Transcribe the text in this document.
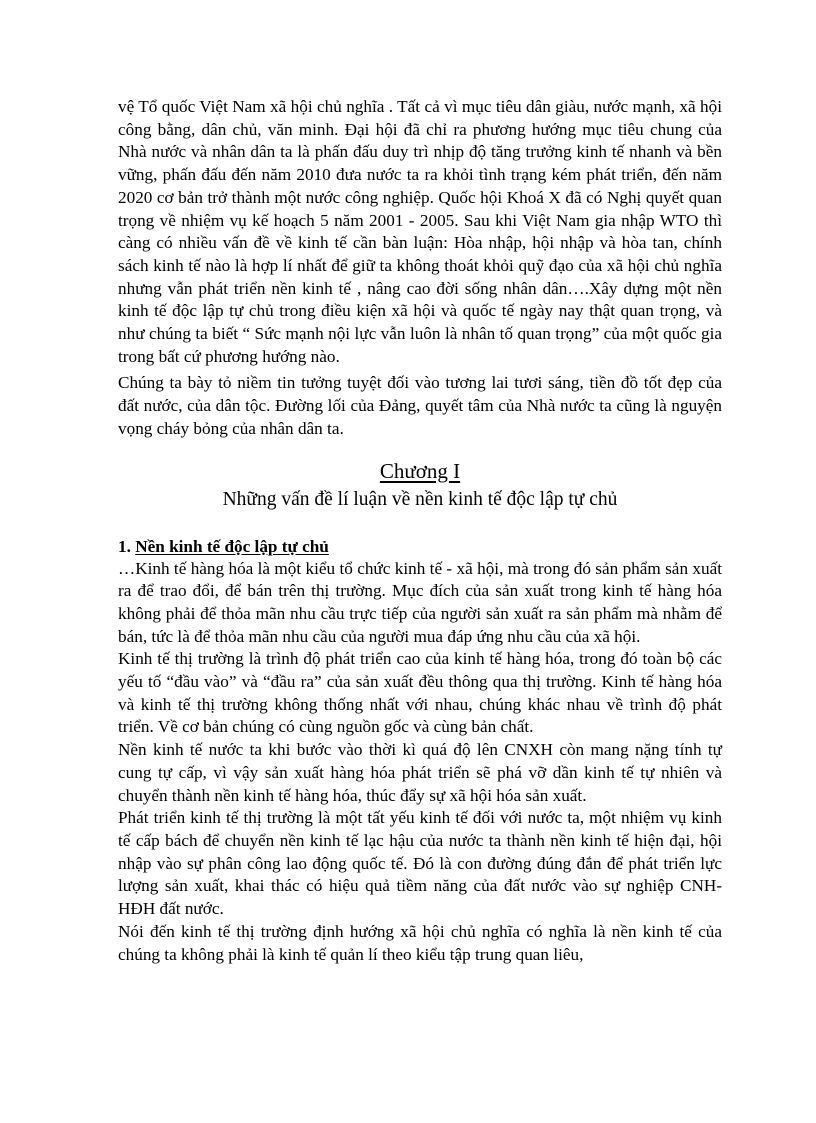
vệ Tổ quốc Việt Nam xã hội chủ nghĩa . Tất cả vì mục tiêu dân giàu, nước mạnh, xã hội công bằng, dân chủ, văn minh. Đại hội đã chỉ ra phương hướng mục tiêu chung của Nhà nước và nhân dân ta là phấn đấu duy trì nhịp độ tăng trưởng kinh tế nhanh và bền vững, phấn đấu đến năm 2010 đưa nước ta ra khỏi tình trạng kém phát triển, đến năm 2020 cơ bản trở thành một nước công nghiệp. Quốc hội Khoá X đã có Nghị quyết quan trọng về nhiệm vụ kế hoạch 5 năm 2001 - 2005. Sau khi Việt Nam gia nhập WTO thì càng có nhiều vấn đề về kinh tế cần bàn luận: Hòa nhập, hội nhập và hòa tan, chính sách kinh tế nào là hợp lí nhất để giữ ta không thoát khỏi quỹ đạo của xã hội chủ nghĩa nhưng vẫn phát triển nền kinh tế , nâng cao đời sống nhân dân….Xây dựng một nền kinh tế độc lập tự chủ trong điều kiện xã hội và quốc tế ngày nay thật quan trọng, và như chúng ta biết “ Sức mạnh nội lực vẫn luôn là nhân tố quan trọng” của một quốc gia trong bất cứ phương hướng nào.

Chúng ta bày tỏ niềm tin tưởng tuyệt đối vào tương lai tươi sáng, tiền đồ tốt đẹp của đất nước, của dân tộc. Đường lối của Đảng, quyết tâm của Nhà nước ta cũng là nguyện vọng cháy bỏng của nhân dân ta.

Chương I
Những vấn đề lí luận về nền kinh tế độc lập tự chủ
1. Nền kinh tế độc lập tự chủ

…Kinh tế hàng hóa là một kiểu tổ chức kinh tế - xã hội, mà trong đó sản phẩm sản xuất ra để trao đổi, để bán trên thị trường. Mục đích của sản xuất trong kinh tế hàng hóa không phải để thỏa mãn nhu cầu trực tiếp của người sản xuất ra sản phẩm mà nhằm để bán, tức là để thỏa mãn nhu cầu của người mua đáp ứng nhu cầu của xã hội.

Kinh tế thị trường là trình độ phát triển cao của kinh tế hàng hóa, trong đó toàn bộ các yếu tố “đầu vào” và “đầu ra” của sản xuất đều thông qua thị trường. Kinh tế hàng hóa và kinh tế thị trường không thống nhất với nhau, chúng khác nhau về trình độ phát triển. Về cơ bản chúng có cùng nguồn gốc và cùng bản chất.

Nền kinh tế nước ta khi bước vào thời kì quá độ lên CNXH còn mang nặng tính tự cung tự cấp, vì vậy sản xuất hàng hóa phát triển sẽ phá vỡ dần kinh tế tự nhiên và chuyển thành nền kinh tế hàng hóa, thúc đẩy sự xã hội hóa sản xuất.

Phát triển kinh tế thị trường là một tất yếu kinh tế đối với nước ta, một nhiệm vụ kinh tế cấp bách để chuyển nền kinh tế lạc hậu của nước ta thành nền kinh tế hiện đại, hội nhập vào sự phân công lao động quốc tế. Đó là con đường đúng đắn để phát triển lực lượng sản xuất, khai thác có hiệu quả tiềm năng của đất nước vào sự nghiệp CNH- HĐH đất nước.

Nói đến kinh tế thị trường định hướng xã hội chủ nghĩa có nghĩa là nền kinh tế của chúng ta không phải là kinh tế quản lí theo kiểu tập trung quan liêu,
